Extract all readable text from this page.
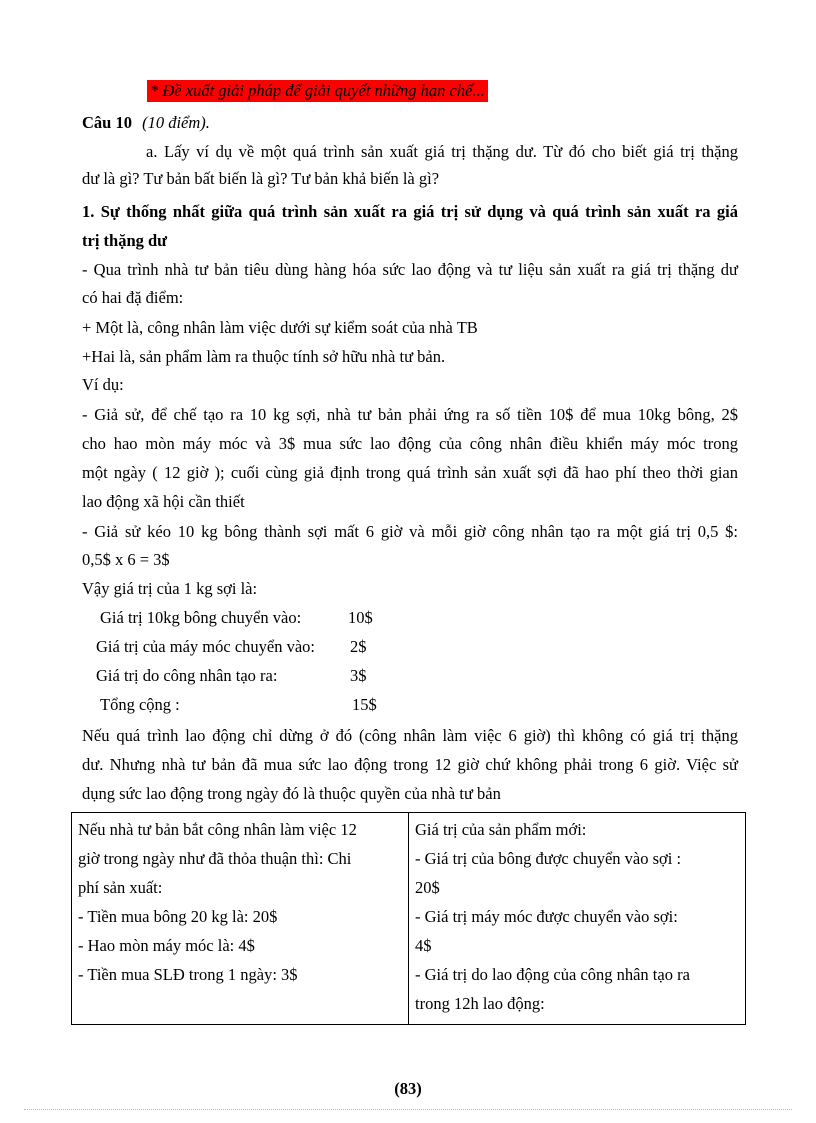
* Đề xuất giải pháp để giải quyết những hạn chế...
Câu 10 (10 điểm).
a. Lấy ví dụ về một quá trình sản xuất giá trị thặng dư. Từ đó cho biết giá trị thặng
dư là gì? Tư bản bất biến là gì? Tư bản khả biến là gì?
1. Sự thống nhất giữa quá trình sản xuất ra giá trị sử dụng và quá trình sản xuất ra giá
trị thặng dư
- Qua trình nhà tư bản tiêu dùng hàng hóa sức lao động và tư liệu sản xuất ra giá trị thặng dư
có hai đặ điểm:
+ Một là, công nhân làm việc dưới sự kiểm soát của nhà TB
+Hai là, sản phẩm làm ra thuộc tính sở hữu nhà tư bản.
Ví dụ:
- Giả sử, để chế tạo ra 10 kg sợi, nhà tư bản phải ứng ra số tiền 10$ để mua 10kg bông, 2$
cho hao mòn máy móc và 3$ mua sức lao động của công nhân điều khiển máy móc trong
một ngày ( 12 giờ ); cuối cùng giả định trong quá trình sản xuất sợi đã hao phí theo thời gian
lao động xã hội cần thiết
- Giả sử kéo 10 kg bông thành sợi mất 6 giờ và mỗi giờ công nhân tạo ra một giá trị 0,5 $:
0,5$ x 6 = 3$
Vậy giá trị của 1 kg sợi là:
Giá trị 10kg bông chuyển vào:	10$
Giá trị của máy móc chuyển vào: 2$
Giá trị do công nhân tạo ra:	3$
Tổng cộng :	15$
Nếu quá trình lao động chỉ dừng ở đó (công nhân làm việc 6 giờ) thì không có giá trị thặng
dư. Nhưng nhà tư bản đã mua sức lao động trong 12 giờ chứ không phải trong 6 giờ. Việc sử
dụng sức lao động trong ngày đó là thuộc quyền của nhà tư bản
Nếu nhà tư bản bắt công nhân làm việc 12
giờ trong ngày như đã thỏa thuận thì: Chi
phí sản xuất:
- Tiền mua bông 20 kg là: 20$
- Hao mòn máy móc là: 4$
- Tiền mua SLĐ trong 1 ngày: 3$

Giá trị của sản phẩm mới:
- Giá trị của bông được chuyển vào sợi :
20$
- Giá trị máy móc được chuyển vào sợi:
4$
- Giá trị do lao động của công nhân tạo ra
trong 12h lao động:
(83)
